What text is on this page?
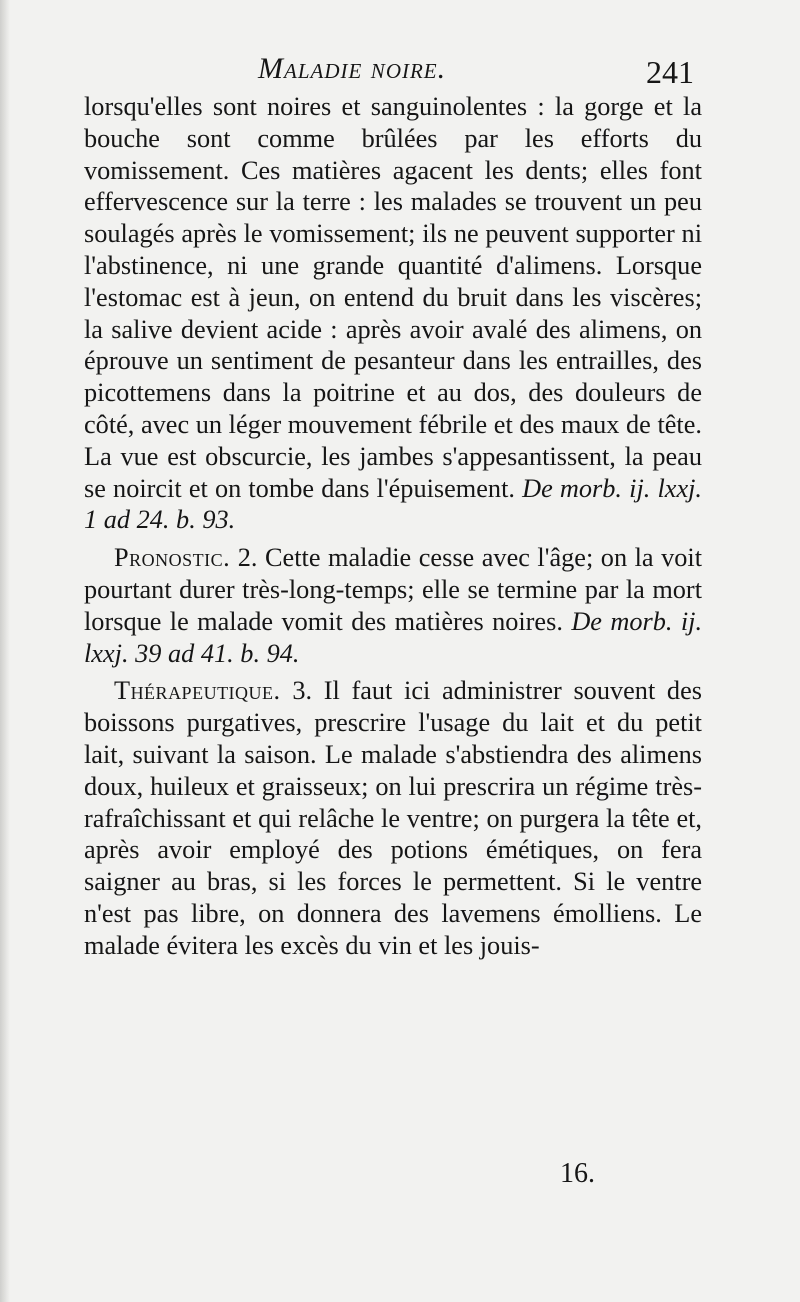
Maladie noire.	241

lorsqu'elles sont noires et sanguinolentes : la gorge et la bouche sont comme brûlées par les efforts du vomissement. Ces matières agacent les dents; elles font effervescence sur la terre : les malades se trouvent un peu soulagés après le vomissement; ils ne peuvent supporter ni l'abstinence, ni une grande quantité d'alimens. Lorsque l'estomac est à jeun, on entend du bruit dans les viscères; la salive devient acide : après avoir avalé des alimens, on éprouve un sentiment de pesanteur dans les entrailles, des picottemens dans la poitrine et au dos, des douleurs de côté, avec un léger mouvement fébrile et des maux de tête. La vue est obscurcie, les jambes s'appesantissent, la peau se noircit et on tombe dans l'épuisement. De morb. ij. lxxj. 1 ad 24. b. 93.

Pronostic. 2. Cette maladie cesse avec l'âge; on la voit pourtant durer très-long-temps; elle se termine par la mort lorsque le malade vomit des matières noires. De morb. ij. lxxj. 39 ad 41. b. 94.

Thérapeutique. 3. Il faut ici administrer souvent des boissons purgatives, prescrire l'usage du lait et du petit lait, suivant la saison. Le malade s'abstiendra des alimens doux, huileux et graisseux; on lui prescrira un régime très-rafraîchissant et qui relâche le ventre; on purgera la tête et, après avoir employé des potions émétiques, on fera saigner au bras, si les forces le permettent. Si le ventre n'est pas libre, on donnera des lavemens émolliens. Le malade évitera les excès du vin et les jouis-

16.
